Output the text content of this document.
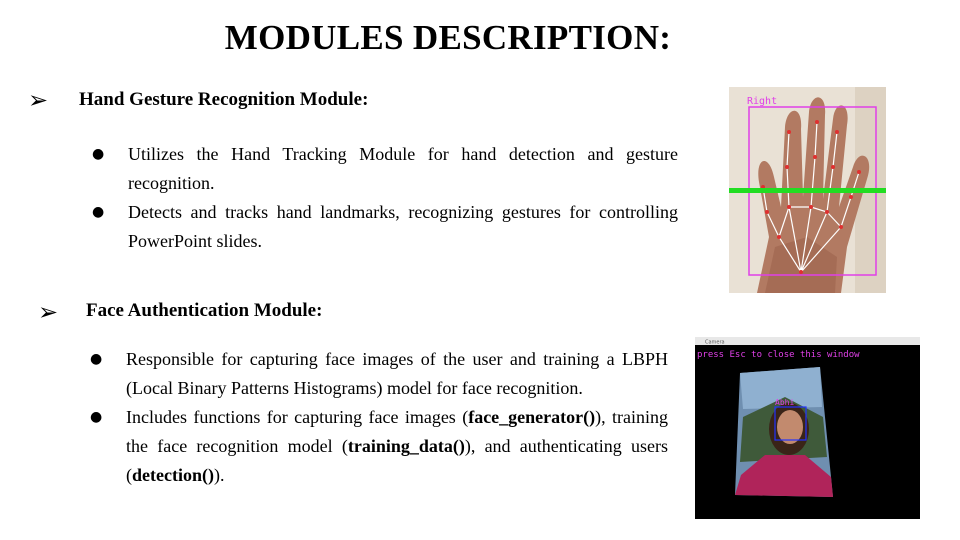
MODULES DESCRIPTION:
➢ Hand Gesture Recognition Module:
● Utilizes the Hand Tracking Module for hand detection and gesture recognition.
● Detects and tracks hand landmarks, recognizing gestures for controlling PowerPoint slides.
Right
➢ Face Authentication Module:
● Responsible for capturing face images of the user and training a LBPH (Local Binary Patterns Histograms) model for face recognition.
● Includes functions for capturing face images (face_generator()), training the face recognition model (training_data()), and authenticating users (detection()).
Camera
press Esc to close this window
Abhi
